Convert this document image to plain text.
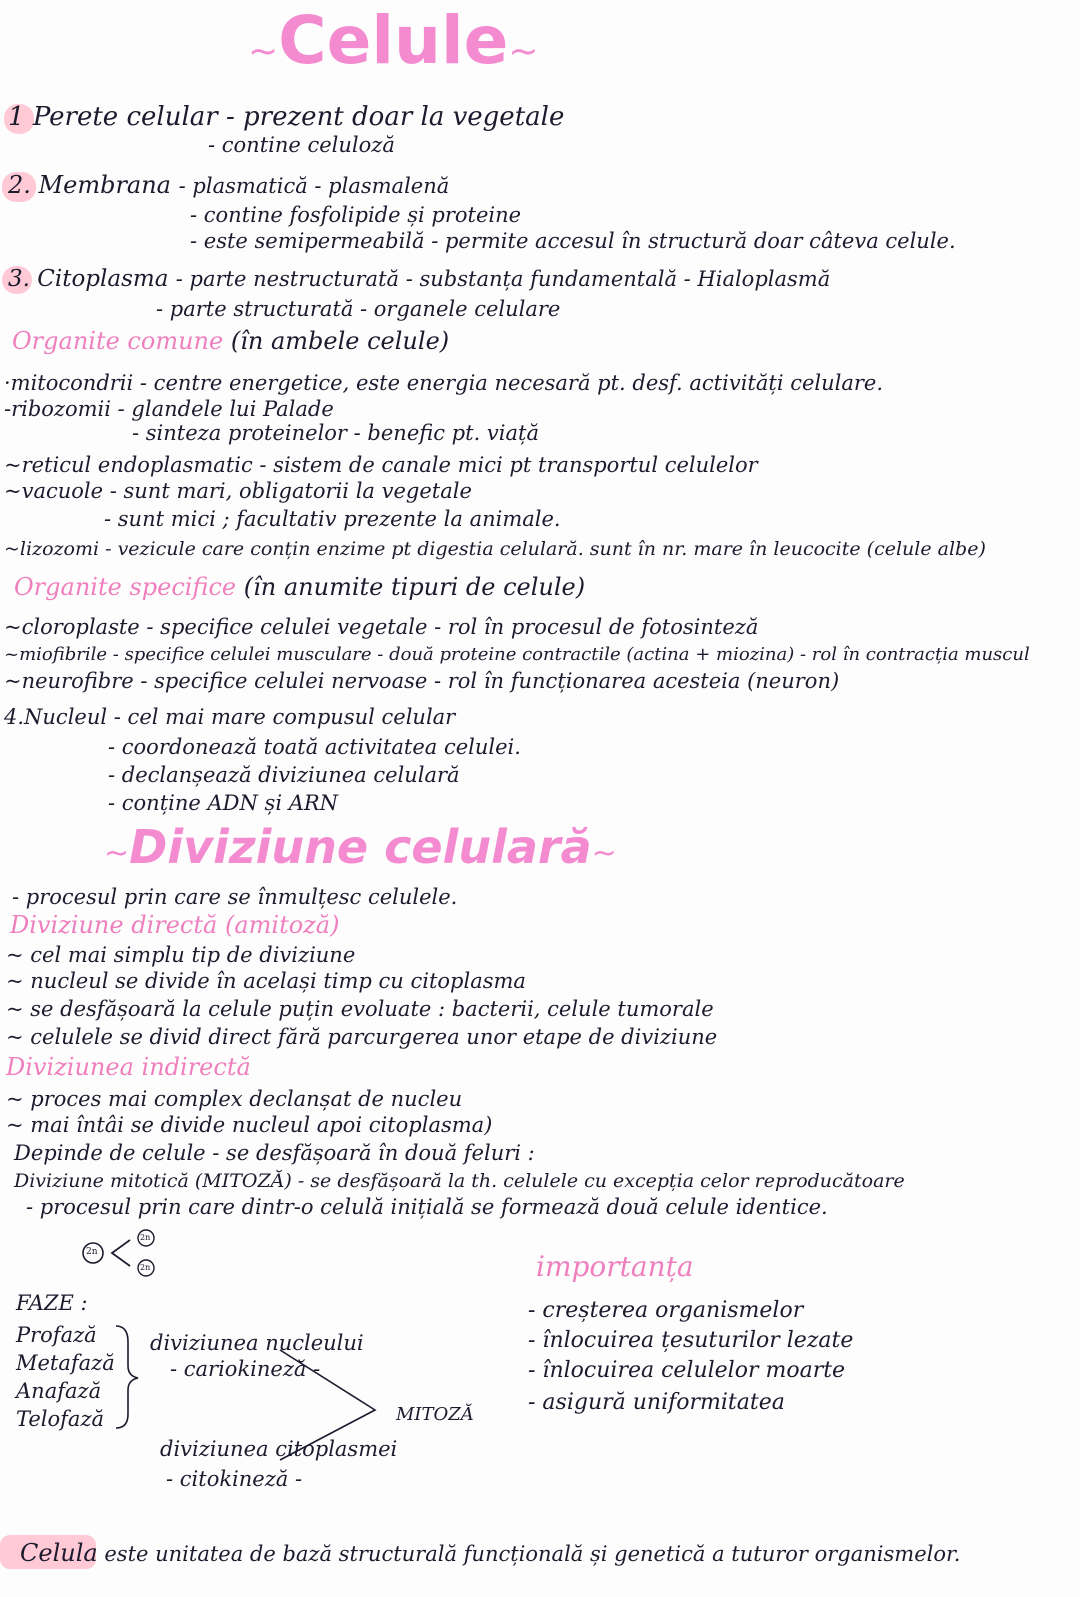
~Celule~
1 Perete celular - prezent doar la vegetale
- contine celuloză
2. Membrana - plasmatică - plasmalenă
- contine fosfolipide și proteine
- este semipermeabilă - permite accesul în structură doar câteva celule.
3. Citoplasma - parte nestructurată - substanța fundamentală - Hialoplasmă
- parte structurată - organele celulare
Organite comune (în ambele celule)
·mitocondrii - centre energetice, este energia necesară pt. desf. activități celulare.
-ribozomii - glandele lui Palade
- sinteza proteinelor - benefic pt. viață
~reticul endoplasmatic - sistem de canale mici pt transportul celulelor
~vacuole - sunt mari, obligatorii la vegetale
- sunt mici ; facultativ prezente la animale.
~lizozomi - vezicule care conțin enzime pt digestia celulară. sunt în nr. mare în leucocite (celule albe)
Organite specifice (în anumite tipuri de celule)
~cloroplaste - specifice celulei vegetale - rol în procesul de fotosinteză
~miofibrile - specifice celulei musculare - două proteine contractile (actina + miozina) - rol în contracția muscul
~neurofibre - specifice celulei nervoase - rol în funcționarea acesteia (neuron)
4.Nucleul - cel mai mare compusul celular
- coordonează toată activitatea celulei.
- declanșează diviziunea celulară
- conține ADN și ARN
~Diviziune celulară~
- procesul prin care se înmulțesc celulele.
Diviziune directă (amitoză)
~ cel mai simplu tip de diviziune
~ nucleul se divide în același timp cu citoplasma
~ se desfășoară la celule puțin evoluate : bacterii, celule tumorale
~ celulele se divid direct fără parcurgerea unor etape de diviziune
Diviziunea indirectă
~ proces mai complex declanșat de nucleu
~ mai întâi se divide nucleul apoi citoplasma)
Depinde de celule - se desfășoară în două feluri :
Diviziune mitotică (MITOZĂ) - se desfășoară la th. celulele cu excepția celor reproducătoare
- procesul prin care dintr-o celulă inițială se formează două celule identice.
2n
2n
2n
FAZE :
Profază
Metafază
Anafază
Telofază
diviziunea nucleului
- cariokineză -
MITOZĂ
diviziunea citoplasmei
- citokineză -
importanța
- creșterea organismelor
- înlocuirea țesuturilor lezate
- înlocuirea celulelor moarte
- asigură uniformitatea
Celula este unitatea de bază structurală funcțională și genetică a tuturor organismelor.
